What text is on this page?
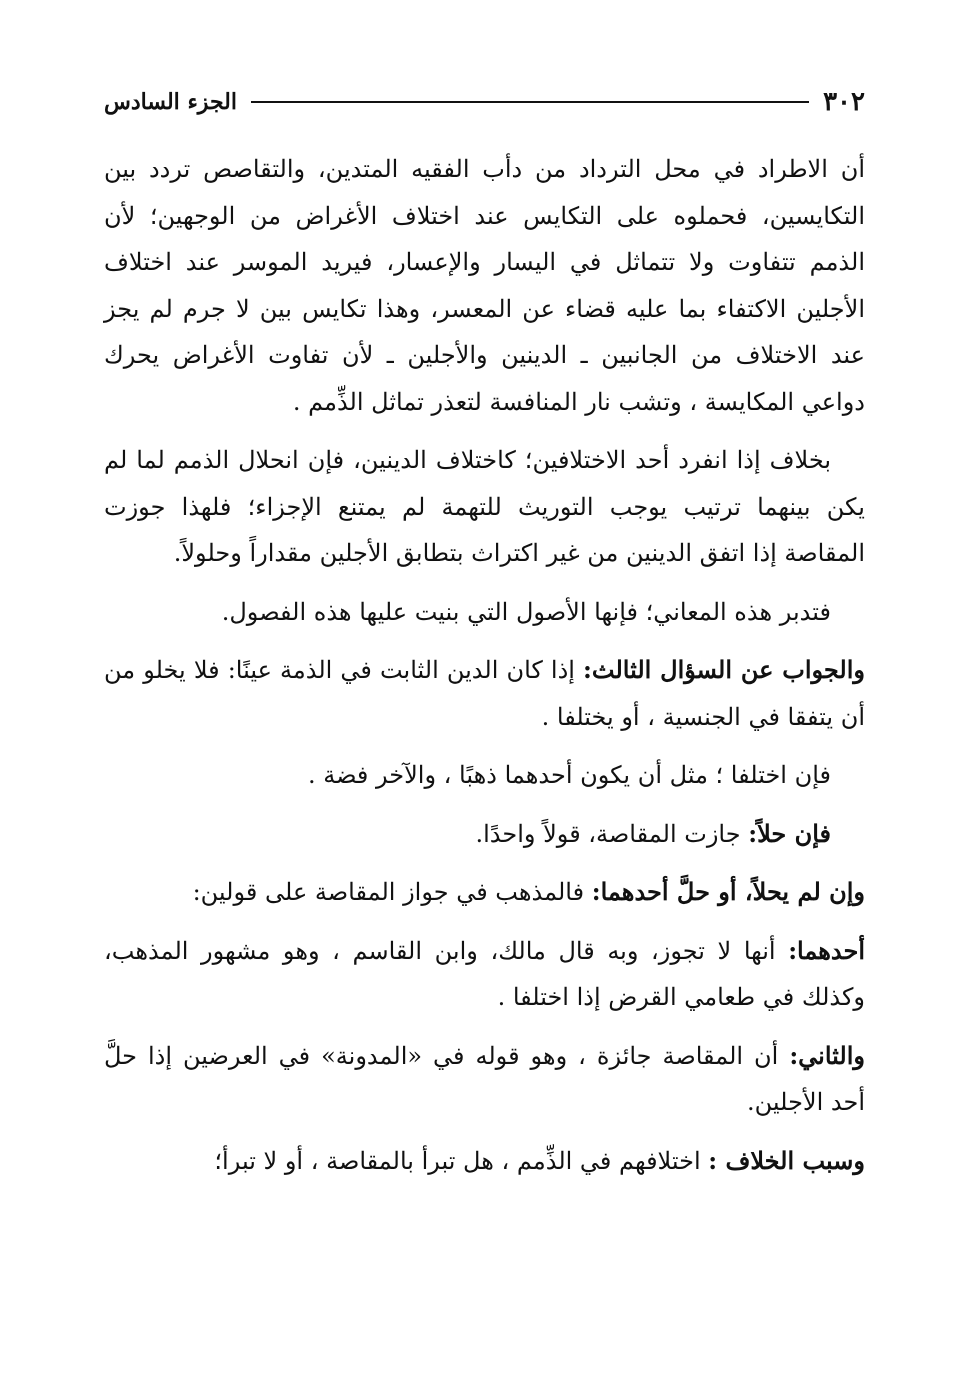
٣٠٢
الجزء السادس

أن الاطراد في محل الترداد من دأب الفقيه المتدين، والتقاصص تردد بين التكايسين، فحملوه على التكايس عند اختلاف الأغراض من الوجهين؛ لأن الذمم تتفاوت ولا تتماثل في اليسار والإعسار، فيريد الموسر عند اختلاف الأجلين الاكتفاء بما عليه قضاء عن المعسر، وهذا تكايس بين لا جرم لم يجز عند الاختلاف من الجانبين ـ الدينين والأجلين ـ لأن تفاوت الأغراض يحرك دواعي المكايسة ، وتشب نار المنافسة لتعذر تماثل الذِّمم .

بخلاف إذا انفرد أحد الاختلافين؛ كاختلاف الدينين، فإن انحلال الذمم لما لم يكن بينهما ترتيب يوجب التوريث للتهمة لم يمتنع الإجزاء؛ فلهذا جوزت المقاصة إذا اتفق الدينين من غير اكتراث بتطابق الأجلين مقداراً وحلولاً.

فتدبر هذه المعاني؛ فإنها الأصول التي بنيت عليها هذه الفصول.

والجواب عن السؤال الثالث: إذا كان الدين الثابت في الذمة عينًا: فلا يخلو من أن يتفقا في الجنسية ، أو يختلفا .

فإن اختلفا ؛ مثل أن يكون أحدهما ذهبًا ، والآخر فضة .

فإن حلاً: جازت المقاصة، قولاً واحدًا.

وإن لم يحلاً، أو حلَّ أحدهما: فالمذهب في جواز المقاصة على قولين:

أحدهما: أنها لا تجوز، وبه قال مالك، وابن القاسم ، وهو مشهور المذهب، وكذلك في طعامي القرض إذا اختلفا .

والثاني: أن المقاصة جائزة ، وهو قوله في «المدونة» في العرضين إذا حلَّ أحد الأجلين.

وسبب الخلاف : اختلافهم في الذِّمم ، هل تبرأ بالمقاصة ، أو لا تبرأ؛
